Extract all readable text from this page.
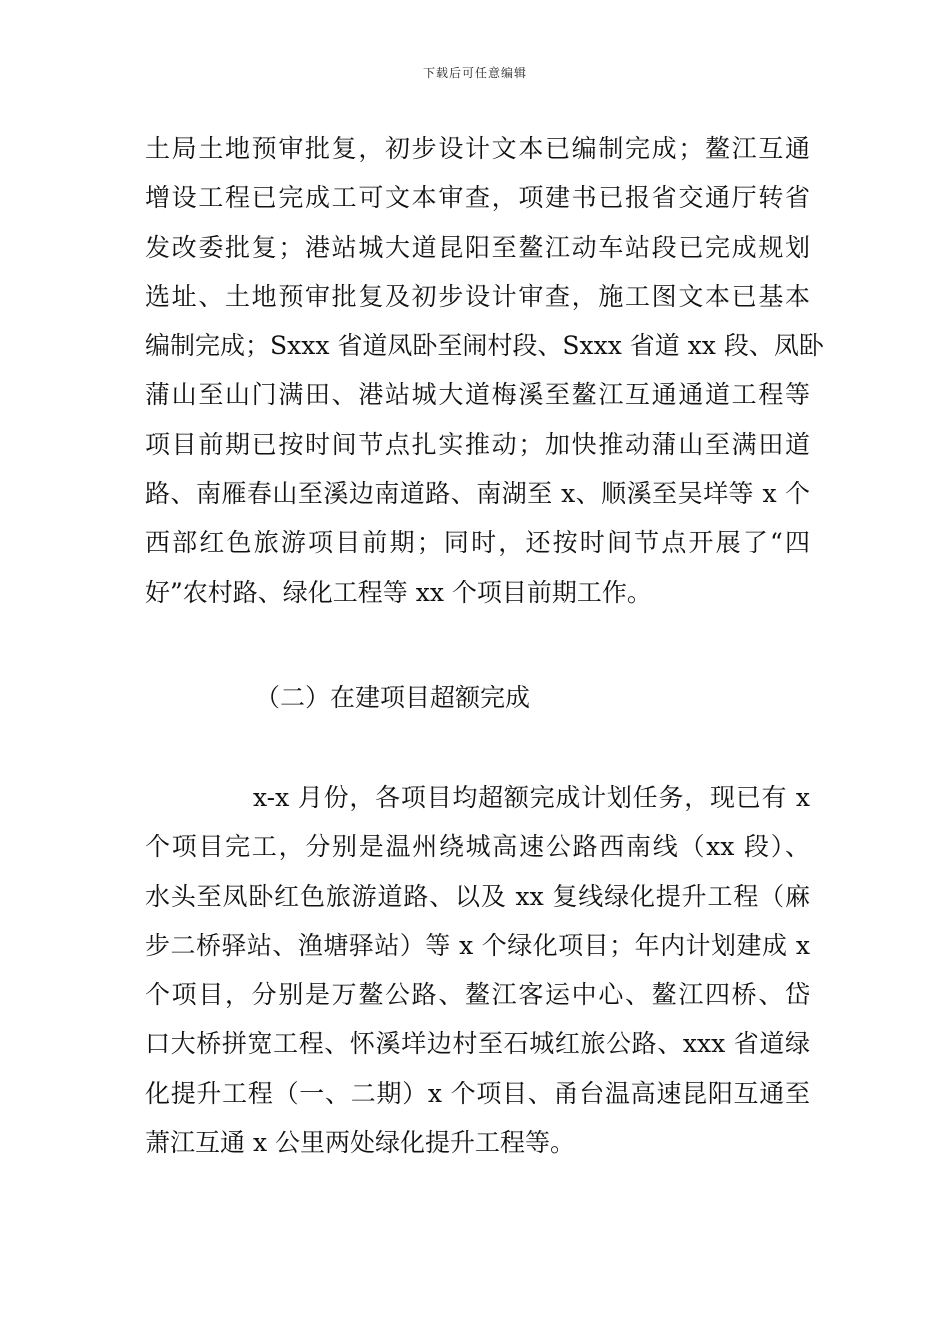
下载后可任意编辑
土局土地预审批复，初步设计文本已编制完成；鳌江互通
增设工程已完成工可文本审查，项建书已报省交通厅转省
发改委批复；港站城大道昆阳至鳌江动车站段已完成规划
选址、土地预审批复及初步设计审查，施工图文本已基本
编制完成；Sxxx 省道凤卧至闹村段、Sxxx 省道 xx 段、凤卧
蒲山至山门满田、港站城大道梅溪至鳌江互通通道工程等
项目前期已按时间节点扎实推动；加快推动蒲山至满田道
路、南雁春山至溪边南道路、南湖至 x、顺溪至吴垟等 x 个
西部红色旅游项目前期；同时，还按时间节点开展了“四
好”农村路、绿化工程等 xx 个项目前期工作。
（二）在建项目超额完成
x-x 月份，各项目均超额完成计划任务，现已有 x
个项目完工，分别是温州绕城高速公路西南线（xx 段）、
水头至凤卧红色旅游道路、以及 xx 复线绿化提升工程（麻
步二桥驿站、渔塘驿站）等 x 个绿化项目；年内计划建成 x
个项目，分别是万鳌公路、鳌江客运中心、鳌江四桥、岱
口大桥拼宽工程、怀溪垟边村至石城红旅公路、xxx 省道绿
化提升工程（一、二期）x 个项目、甬台温高速昆阳互通至
萧江互通 x 公里两处绿化提升工程等。
